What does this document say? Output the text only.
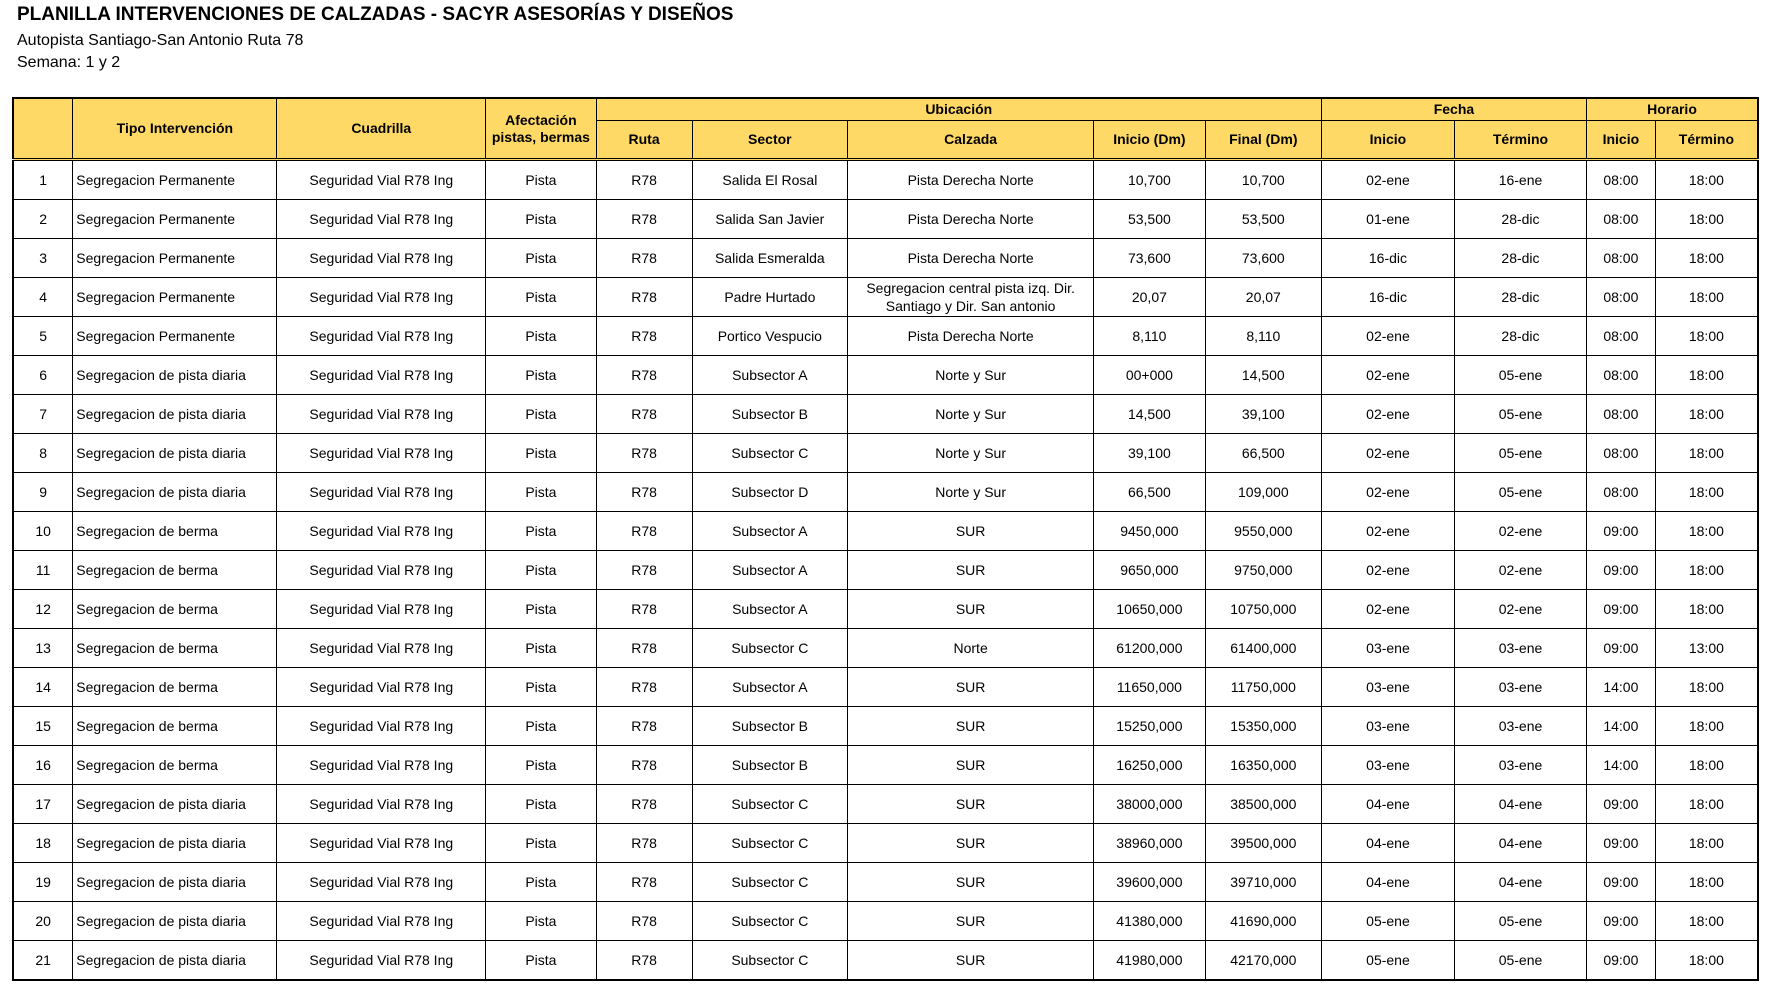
PLANILLA INTERVENCIONES DE CALZADAS - SACYR ASESORÍAS Y DISEÑOS
Autopista Santiago-San Antonio Ruta 78
Semana: 1 y 2
	Tipo Intervención	Cuadrilla	Afectación pistas, bermas	Ubicación					Fecha		Horario	
				Ruta	Sector	Calzada	Inicio (Dm)	Final (Dm)	Inicio	Término	Inicio	Término
1	Segregacion Permanente	Seguridad Vial R78 Ing	Pista	R78	Salida El Rosal	Pista Derecha Norte	10,700	10,700	02-ene	16-ene	08:00	18:00
2	Segregacion Permanente	Seguridad Vial R78 Ing	Pista	R78	Salida San Javier	Pista Derecha Norte	53,500	53,500	01-ene	28-dic	08:00	18:00
3	Segregacion Permanente	Seguridad Vial R78 Ing	Pista	R78	Salida Esmeralda	Pista Derecha Norte	73,600	73,600	16-dic	28-dic	08:00	18:00
4	Segregacion Permanente	Seguridad Vial R78 Ing	Pista	R78	Padre Hurtado	Segregacion central pista izq. Dir. Santiago y Dir. San antonio	20,07	20,07	16-dic	28-dic	08:00	18:00
5	Segregacion Permanente	Seguridad Vial R78 Ing	Pista	R78	Portico Vespucio	Pista Derecha Norte	8,110	8,110	02-ene	28-dic	08:00	18:00
6	Segregacion de pista diaria	Seguridad Vial R78 Ing	Pista	R78	Subsector A	Norte y Sur	00+000	14,500	02-ene	05-ene	08:00	18:00
7	Segregacion de pista diaria	Seguridad Vial R78 Ing	Pista	R78	Subsector B	Norte y Sur	14,500	39,100	02-ene	05-ene	08:00	18:00
8	Segregacion de pista diaria	Seguridad Vial R78 Ing	Pista	R78	Subsector C	Norte y Sur	39,100	66,500	02-ene	05-ene	08:00	18:00
9	Segregacion de pista diaria	Seguridad Vial R78 Ing	Pista	R78	Subsector D	Norte y Sur	66,500	109,000	02-ene	05-ene	08:00	18:00
10	Segregacion de berma	Seguridad Vial R78 Ing	Pista	R78	Subsector A	SUR	9450,000	9550,000	02-ene	02-ene	09:00	18:00
11	Segregacion de berma	Seguridad Vial R78 Ing	Pista	R78	Subsector A	SUR	9650,000	9750,000	02-ene	02-ene	09:00	18:00
12	Segregacion de berma	Seguridad Vial R78 Ing	Pista	R78	Subsector A	SUR	10650,000	10750,000	02-ene	02-ene	09:00	18:00
13	Segregacion de berma	Seguridad Vial R78 Ing	Pista	R78	Subsector C	Norte	61200,000	61400,000	03-ene	03-ene	09:00	13:00
14	Segregacion de berma	Seguridad Vial R78 Ing	Pista	R78	Subsector A	SUR	11650,000	11750,000	03-ene	03-ene	14:00	18:00
15	Segregacion de berma	Seguridad Vial R78 Ing	Pista	R78	Subsector B	SUR	15250,000	15350,000	03-ene	03-ene	14:00	18:00
16	Segregacion de berma	Seguridad Vial R78 Ing	Pista	R78	Subsector B	SUR	16250,000	16350,000	03-ene	03-ene	14:00	18:00
17	Segregacion de pista diaria	Seguridad Vial R78 Ing	Pista	R78	Subsector C	SUR	38000,000	38500,000	04-ene	04-ene	09:00	18:00
18	Segregacion de pista diaria	Seguridad Vial R78 Ing	Pista	R78	Subsector C	SUR	38960,000	39500,000	04-ene	04-ene	09:00	18:00
19	Segregacion de pista diaria	Seguridad Vial R78 Ing	Pista	R78	Subsector C	SUR	39600,000	39710,000	04-ene	04-ene	09:00	18:00
20	Segregacion de pista diaria	Seguridad Vial R78 Ing	Pista	R78	Subsector C	SUR	41380,000	41690,000	05-ene	05-ene	09:00	18:00
21	Segregacion de pista diaria	Seguridad Vial R78 Ing	Pista	R78	Subsector C	SUR	41980,000	42170,000	05-ene	05-ene	09:00	18:00
